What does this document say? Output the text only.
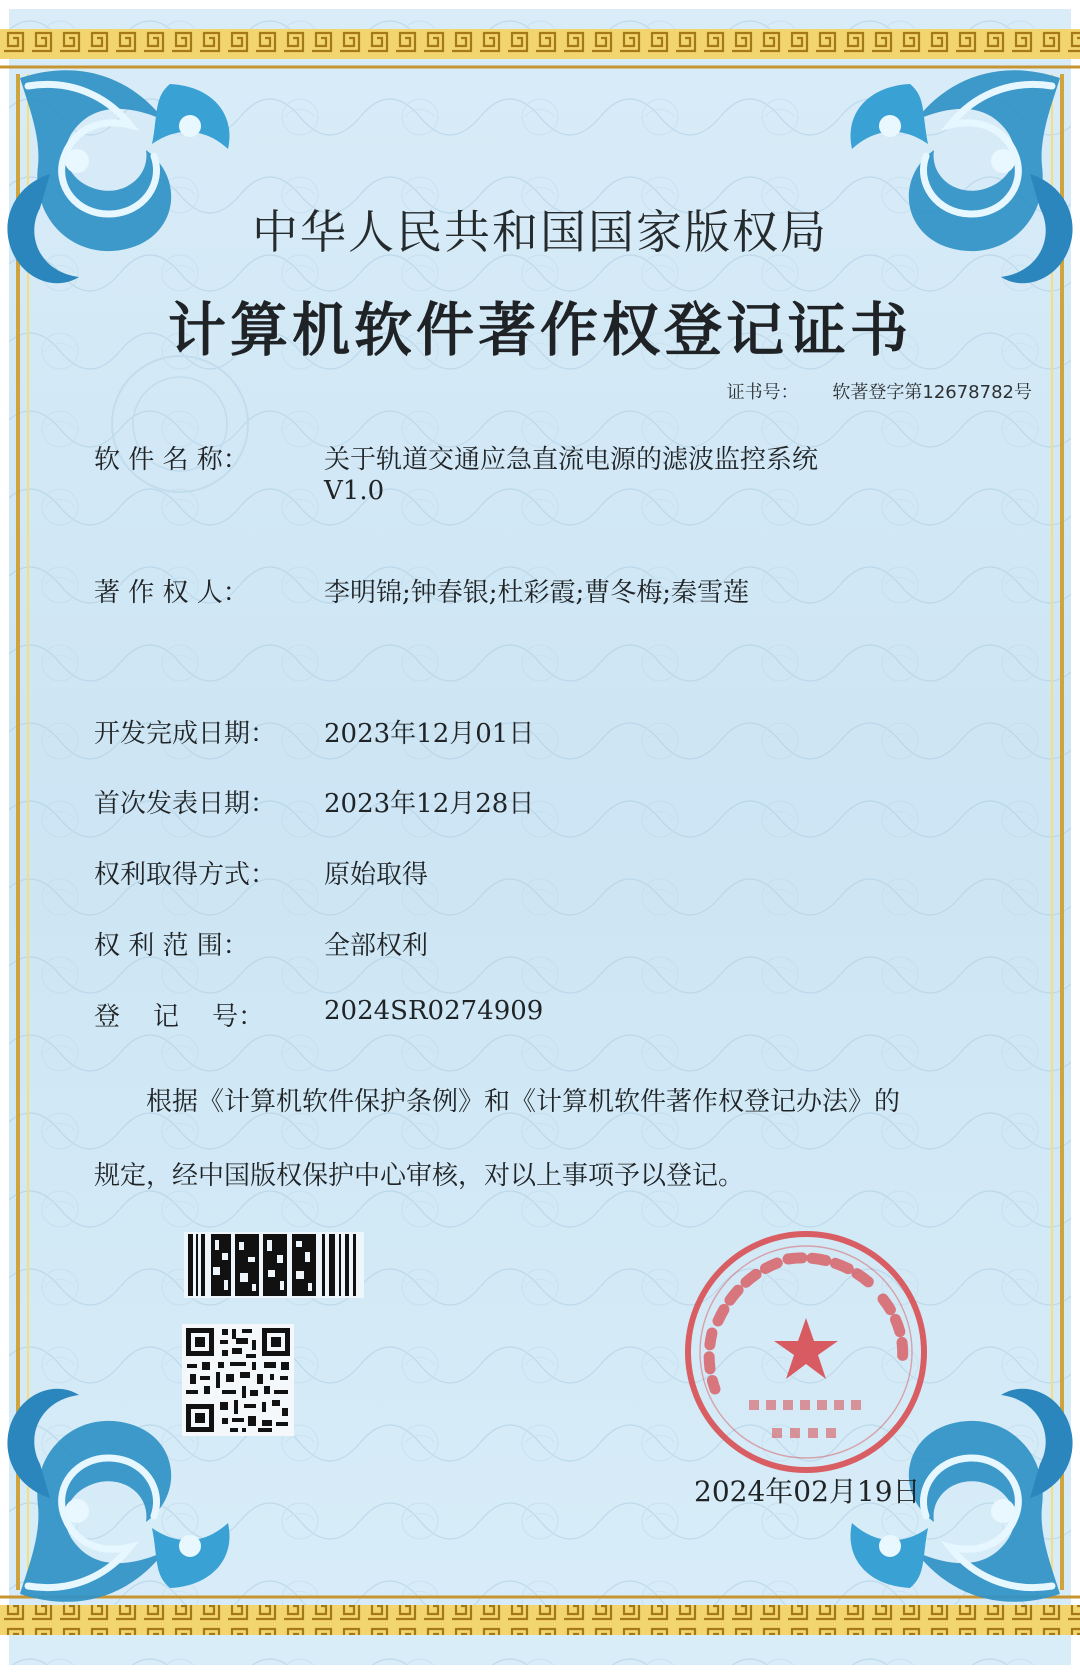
中华人民共和国国家版权局
计算机软件著作权登记证书
证书号： 软著登字第12678782号
软 件 名 称：	关于轨道交通应急直流电源的滤波监控系统
V1.0
著 作 权 人：	李明锦;钟春银;杜彩霞;曹冬梅;秦雪莲
开发完成日期： 2023年12月01日
首次发表日期： 2023年12月28日
权利取得方式： 原始取得
权 利 范 围：	全部权利
登    记    号： 2024SR0274909
根据《计算机软件保护条例》和《计算机软件著作权登记办法》的
规定，经中国版权保护中心审核，对以上事项予以登记。
2024年02月19日
